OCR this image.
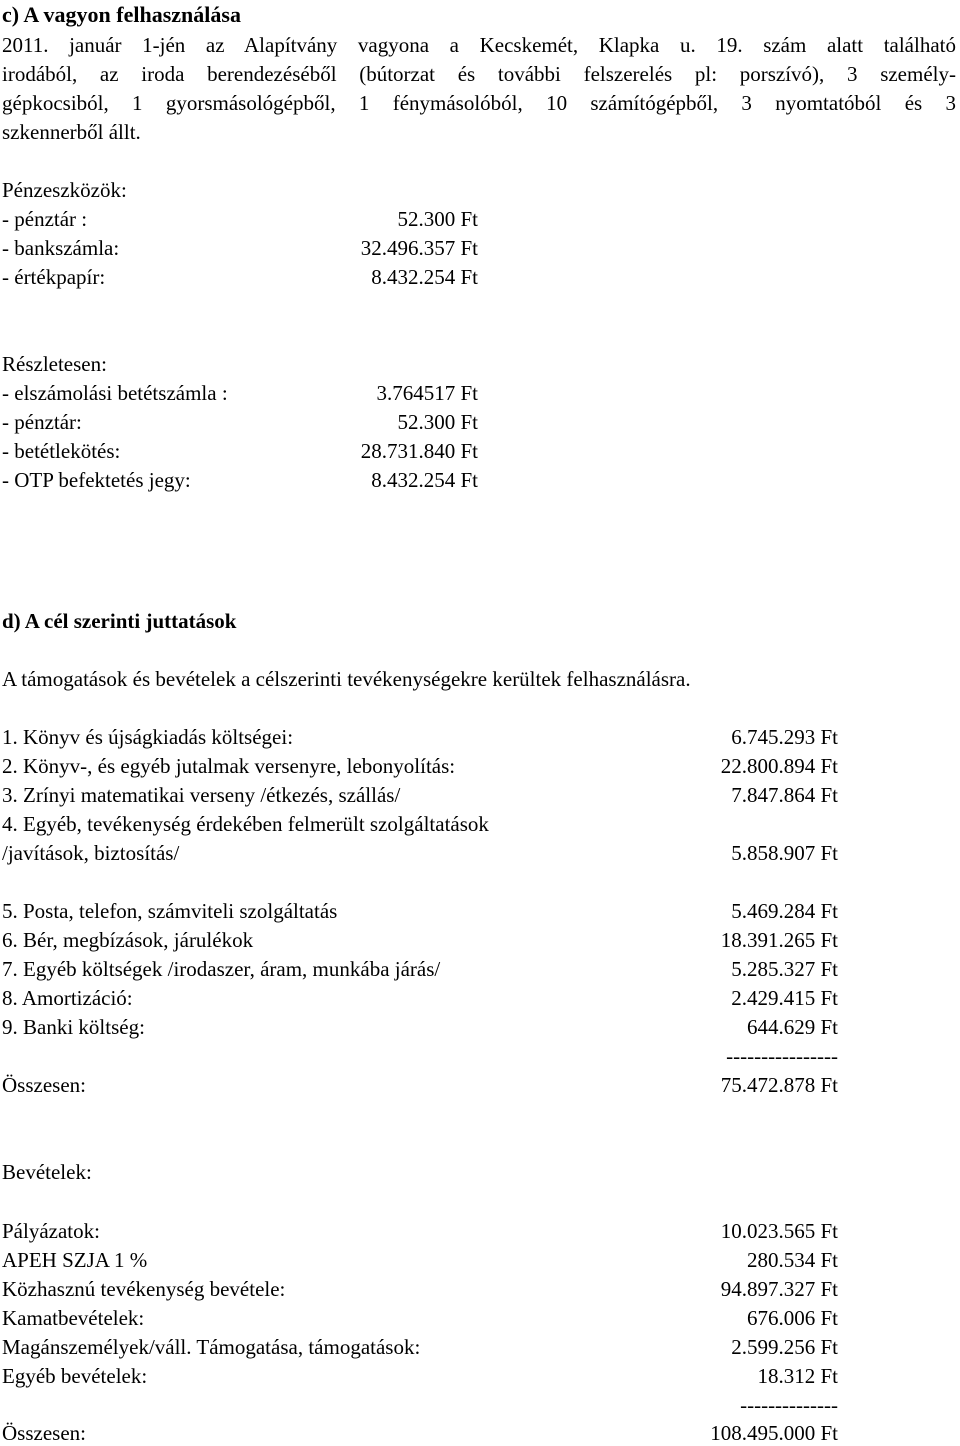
c) A vagyon felhasználása
2011. január 1-jén az Alapítvány vagyona a Kecskemét, Klapka u. 19. szám alatt található
irodából, az iroda berendezéséből (bútorzat és további felszerelés pl: porszívó), 3 személy-
gépkocsiból, 1 gyorsmásológépből, 1 fénymásolóból, 10 számítógépből, 3 nyomtatóból és 3
szkennerből állt.
Pénzeszközök:
- pénztár :	52.300 Ft
- bankszámla:	32.496.357 Ft
- értékpapír:	8.432.254 Ft
Részletesen:
- elszámolási betétszámla :	3.764517 Ft
- pénztár:	52.300 Ft
- betétlekötés:	28.731.840 Ft
- OTP befektetés jegy:	8.432.254 Ft
d) A cél szerinti juttatások
A támogatások és bevételek a célszerinti tevékenységekre kerültek felhasználásra.
1. Könyv és újságkiadás költségei:	6.745.293 Ft
2. Könyv-, és egyéb jutalmak versenyre, lebonyolítás:	22.800.894 Ft
3. Zrínyi matematikai verseny /étkezés, szállás/	7.847.864 Ft
4. Egyéb, tevékenység érdekében felmerült szolgáltatások
/javítások, biztosítás/	5.858.907 Ft
5. Posta, telefon, számviteli szolgáltatás	5.469.284 Ft
6. Bér, megbízások, járulékok	18.391.265 Ft
7. Egyéb költségek /irodaszer, áram, munkába járás/	5.285.327 Ft
8. Amortizáció:	2.429.415 Ft
9. Banki költség:	644.629 Ft
----------------
Összesen:	75.472.878 Ft
Bevételek:
Pályázatok:	10.023.565 Ft
APEH SZJA 1 %	280.534 Ft
Közhasznú tevékenység bevétele:	94.897.327 Ft
Kamatbevételek:	676.006 Ft
Magánszemélyek/váll. Támogatása, támogatások:	2.599.256 Ft
Egyéb bevételek:	18.312 Ft
--------------
Összesen:	108.495.000 Ft
